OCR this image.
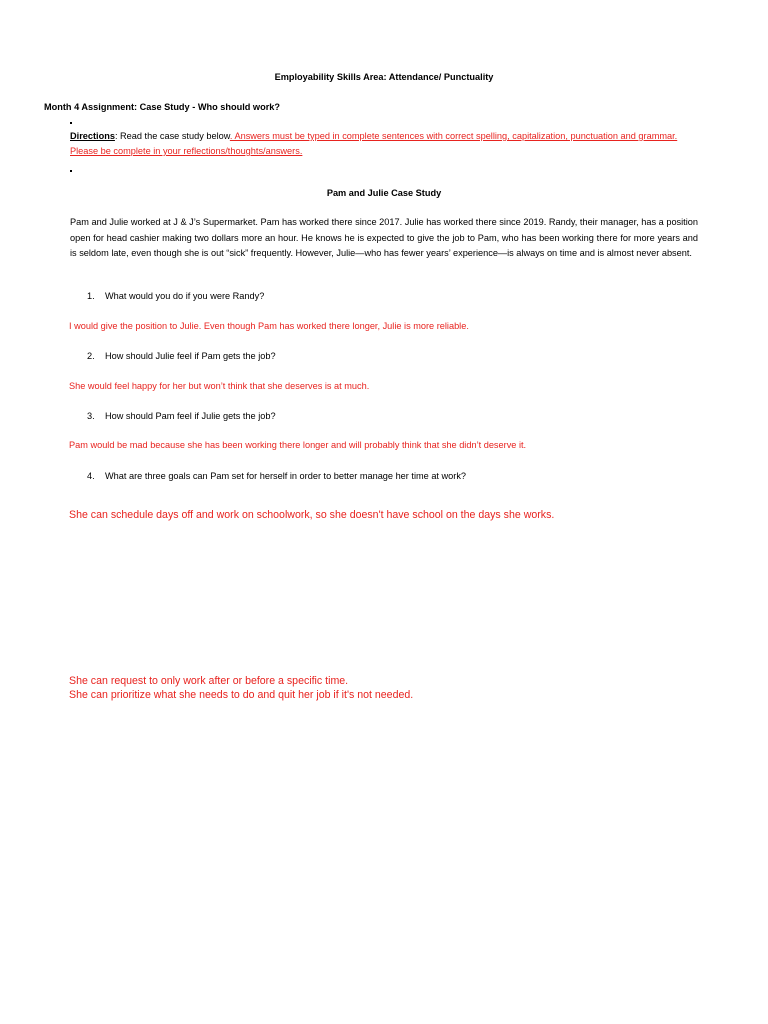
Employability Skills Area: Attendance/ Punctuality

Month 4 Assignment: Case Study - Who should work?

Directions: Read the case study below. Answers must be typed in complete sentences with correct spelling, capitalization, punctuation and grammar. Please be complete in your reflections/thoughts/answers.

Pam and Julie Case Study

Pam and Julie worked at J & J’s Supermarket. Pam has worked there since 2017. Julie has worked there since 2019. Randy, their manager, has a position open for head cashier making two dollars more an hour. He knows he is expected to give the job to Pam, who has been working there for more years and is seldom late, even though she is out “sick” frequently. However, Julie—who has fewer years’ experience—is always on time and is almost never absent.

1. What would you do if you were Randy?

I would give the position to Julie. Even though Pam has worked there longer, Julie is more reliable.

2. How should Julie feel if Pam gets the job?

She would feel happy for her but won’t think that she deserves is at much.

3. How should Pam feel if Julie gets the job?

Pam would be mad because she has been working there longer and will probably think that she didn’t deserve it.

4. What are three goals can Pam set for herself in order to better manage her time at work?

She can schedule days off and work on schoolwork, so she doesn't have school on the days she works.

She can request to only work after or before a specific time.

She can prioritize what she needs to do and quit her job if it's not needed.
